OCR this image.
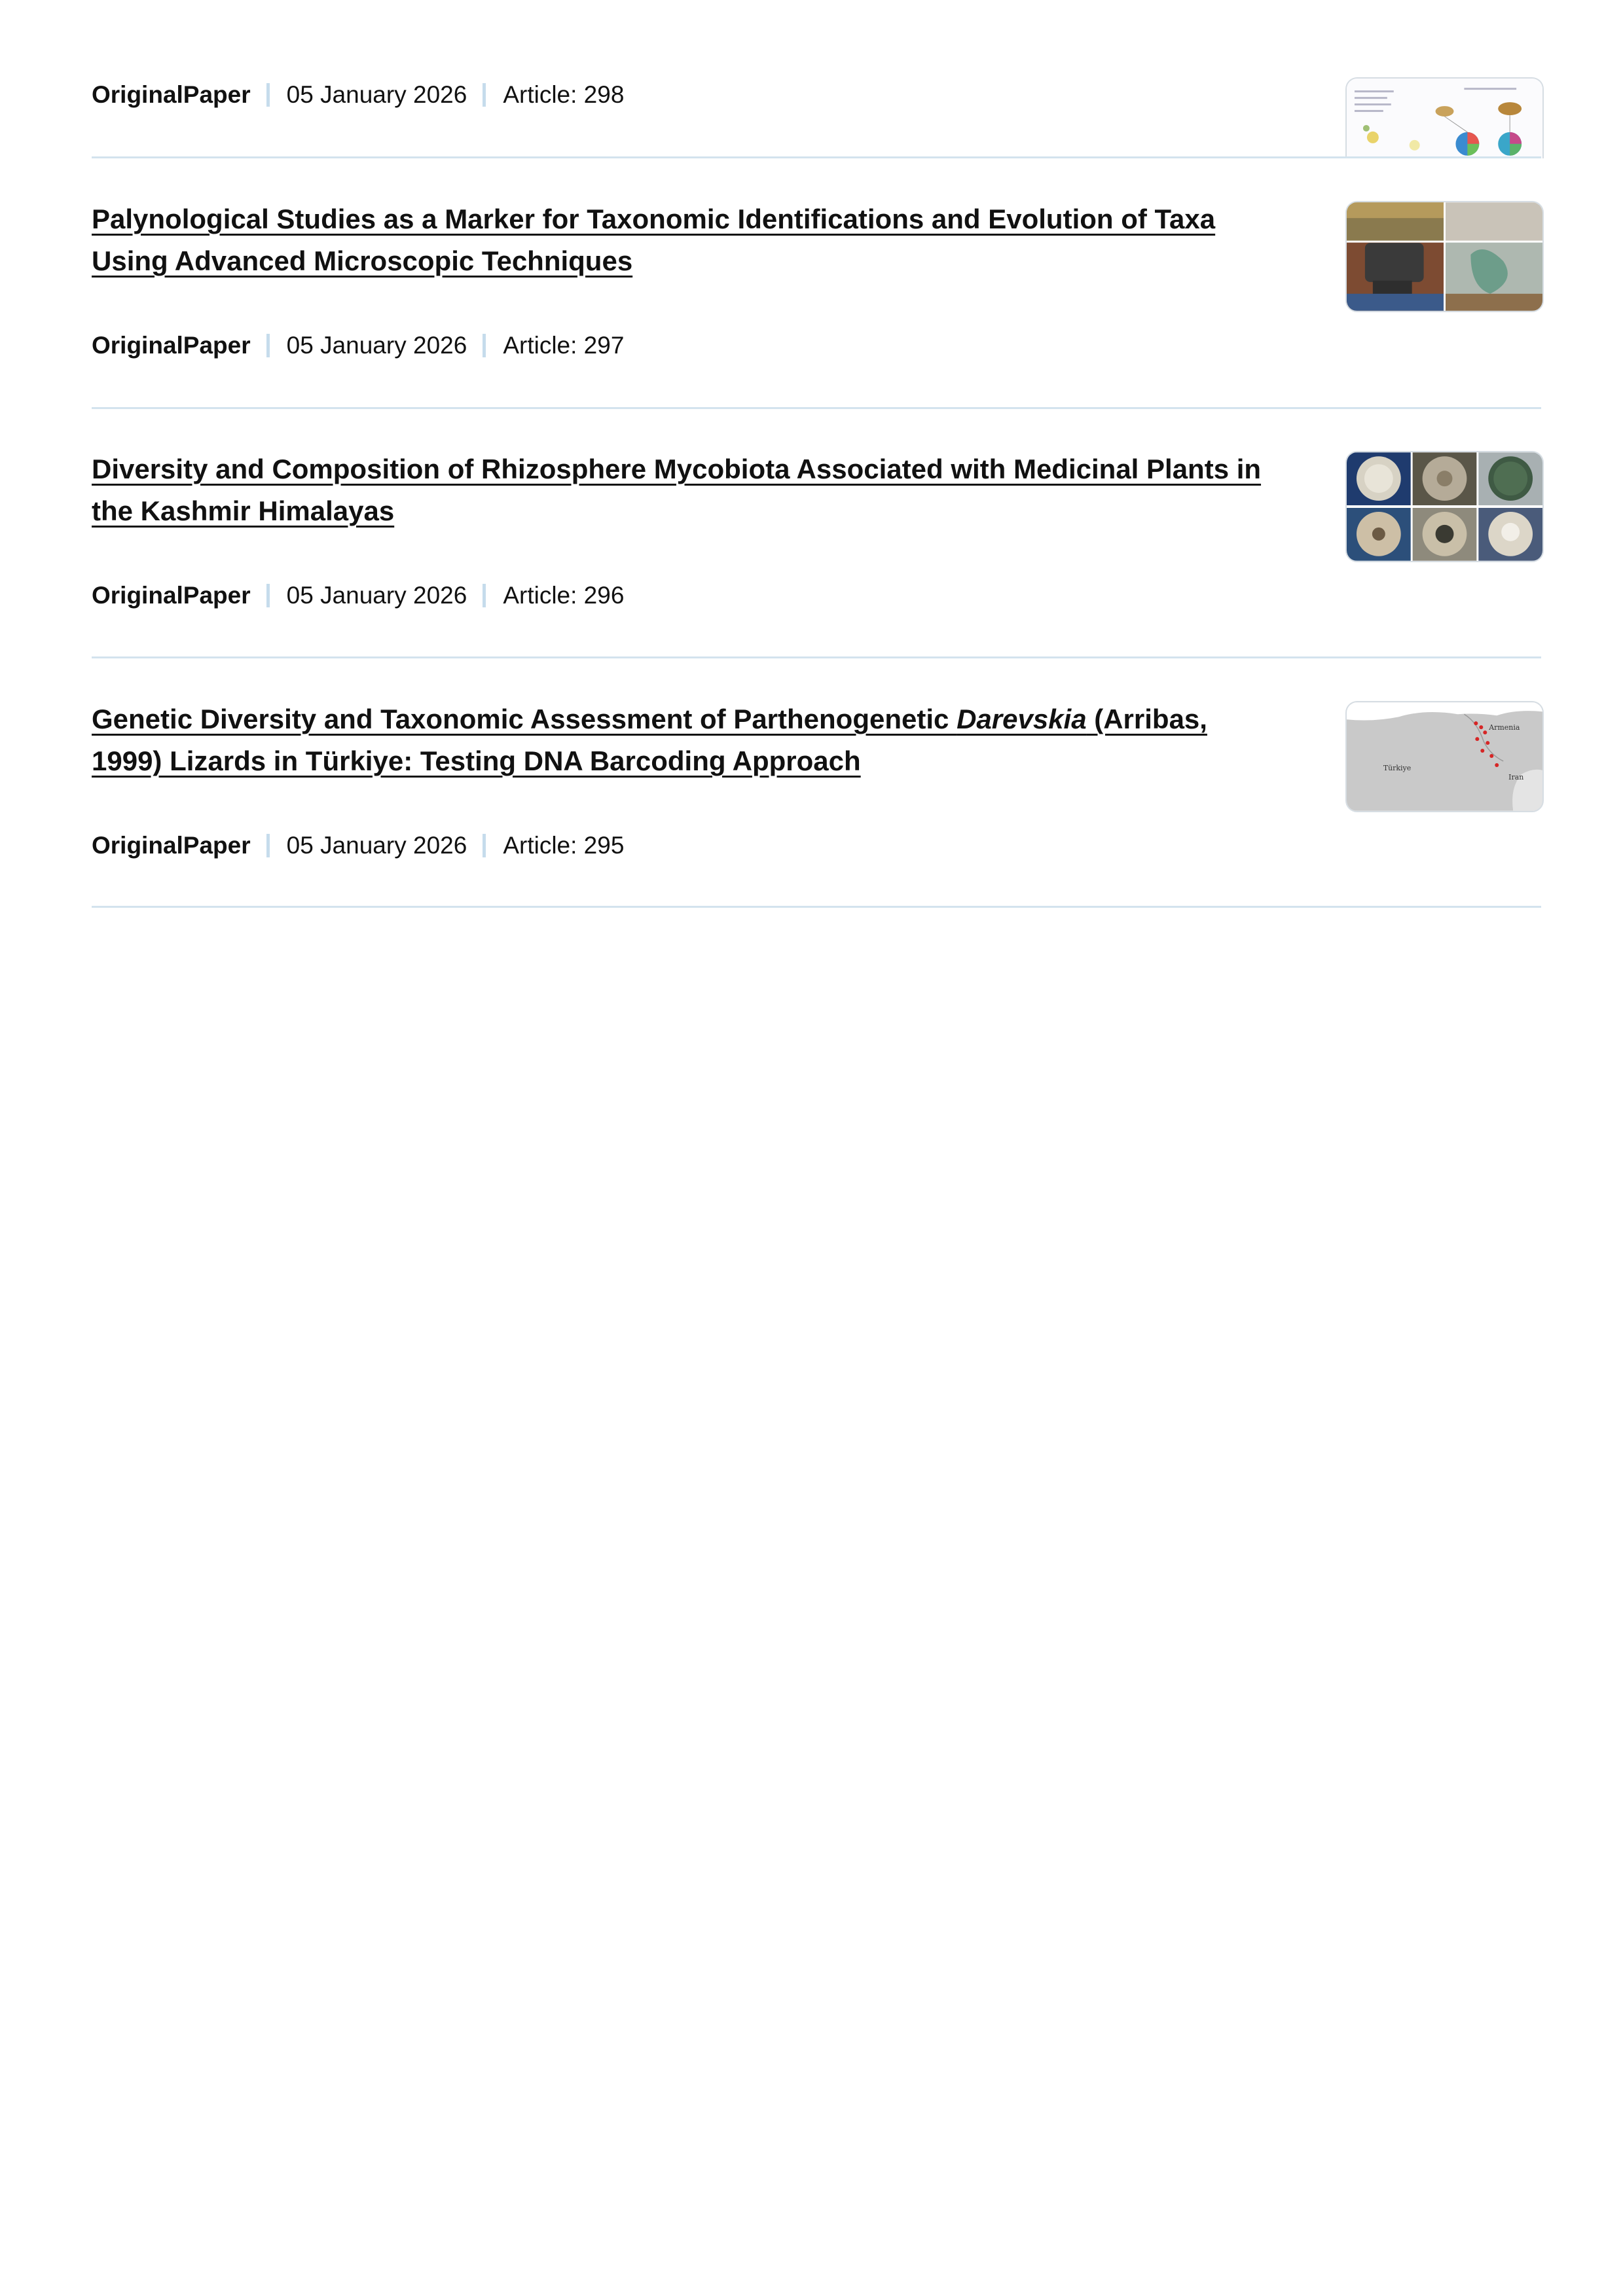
OriginalPaper 05 January 2026 Article: 298
Palynological Studies as a Marker for Taxonomic Identifications and Evolution of Taxa Using Advanced Microscopic Techniques
OriginalPaper 05 January 2026 Article: 297
Diversity and Composition of Rhizosphere Mycobiota Associated with Medicinal Plants in the Kashmir Himalayas
OriginalPaper 05 January 2026 Article: 296
Genetic Diversity and Taxonomic Assessment of Parthenogenetic Darevskia (Arribas, 1999) Lizards in Türkiye: Testing DNA Barcoding Approach
OriginalPaper 05 January 2026 Article: 295
Armenia
Türkiye
Iran
